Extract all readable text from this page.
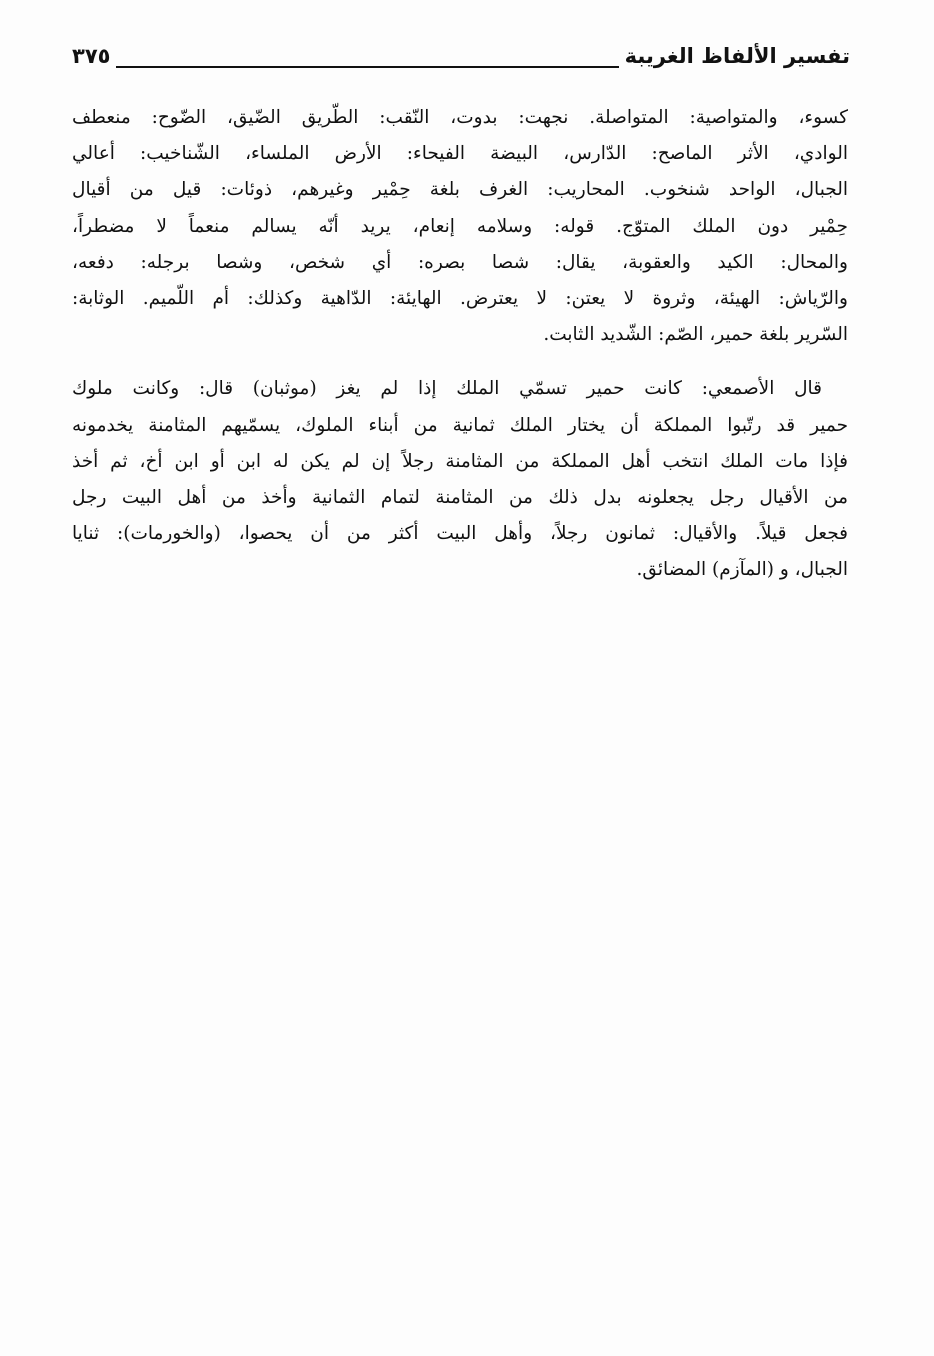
تفسير الألفاظ الغريبة
٣٧٥

كسوء، والمتواصية: المتواصلة. نجهت: بدوت، النّقب: الطّريق الضّيق، الضّوح: منعطف
الوادي، الأثر الماصح: الدّارس، البيضة الفيحاء: الأرض الملساء، الشّناخيب: أعالي
الجبال، الواحد شنخوب. المحاريب: الغرف بلغة حِمْير وغيرهم، ذوئات: قيل من أقيال
حِمْير دون الملك المتوّج. قوله: وسلامه إنعام، يريد أنّه يسالم منعماً لا مضطراً،
والمحال: الكيد والعقوبة، يقال: شصا بصره: أي شخص، وشصا برجله: دفعه،
والرّياش: الهيئة، وثروة لا يعتن: لا يعترض. الهايئة: الدّاهية وكذلك: أم اللّميم. الوثابة:
السّرير بلغة حمير، الصّم: الشّديد الثابت.

قال الأصمعي: كانت حمير تسمّي الملك إذا لم يغز (موثبان) قال: وكانت ملوك
حمير قد رتّبوا المملكة أن يختار الملك ثمانية من أبناء الملوك، يسمّيهم المثامنة يخدمونه
فإذا مات الملك انتخب أهل المملكة من المثامنة رجلاً إن لم يكن له ابن أو ابن أخ، ثم أخذ
من الأقيال رجل يجعلونه بدل ذلك من المثامنة لتمام الثمانية وأخذ من أهل البيت رجل
فجعل قيلاً. والأقيال: ثمانون رجلاً، وأهل البيت أكثر من أن يحصوا، (والخورمات): ثنايا
الجبال، و (المآزم) المضائق.
